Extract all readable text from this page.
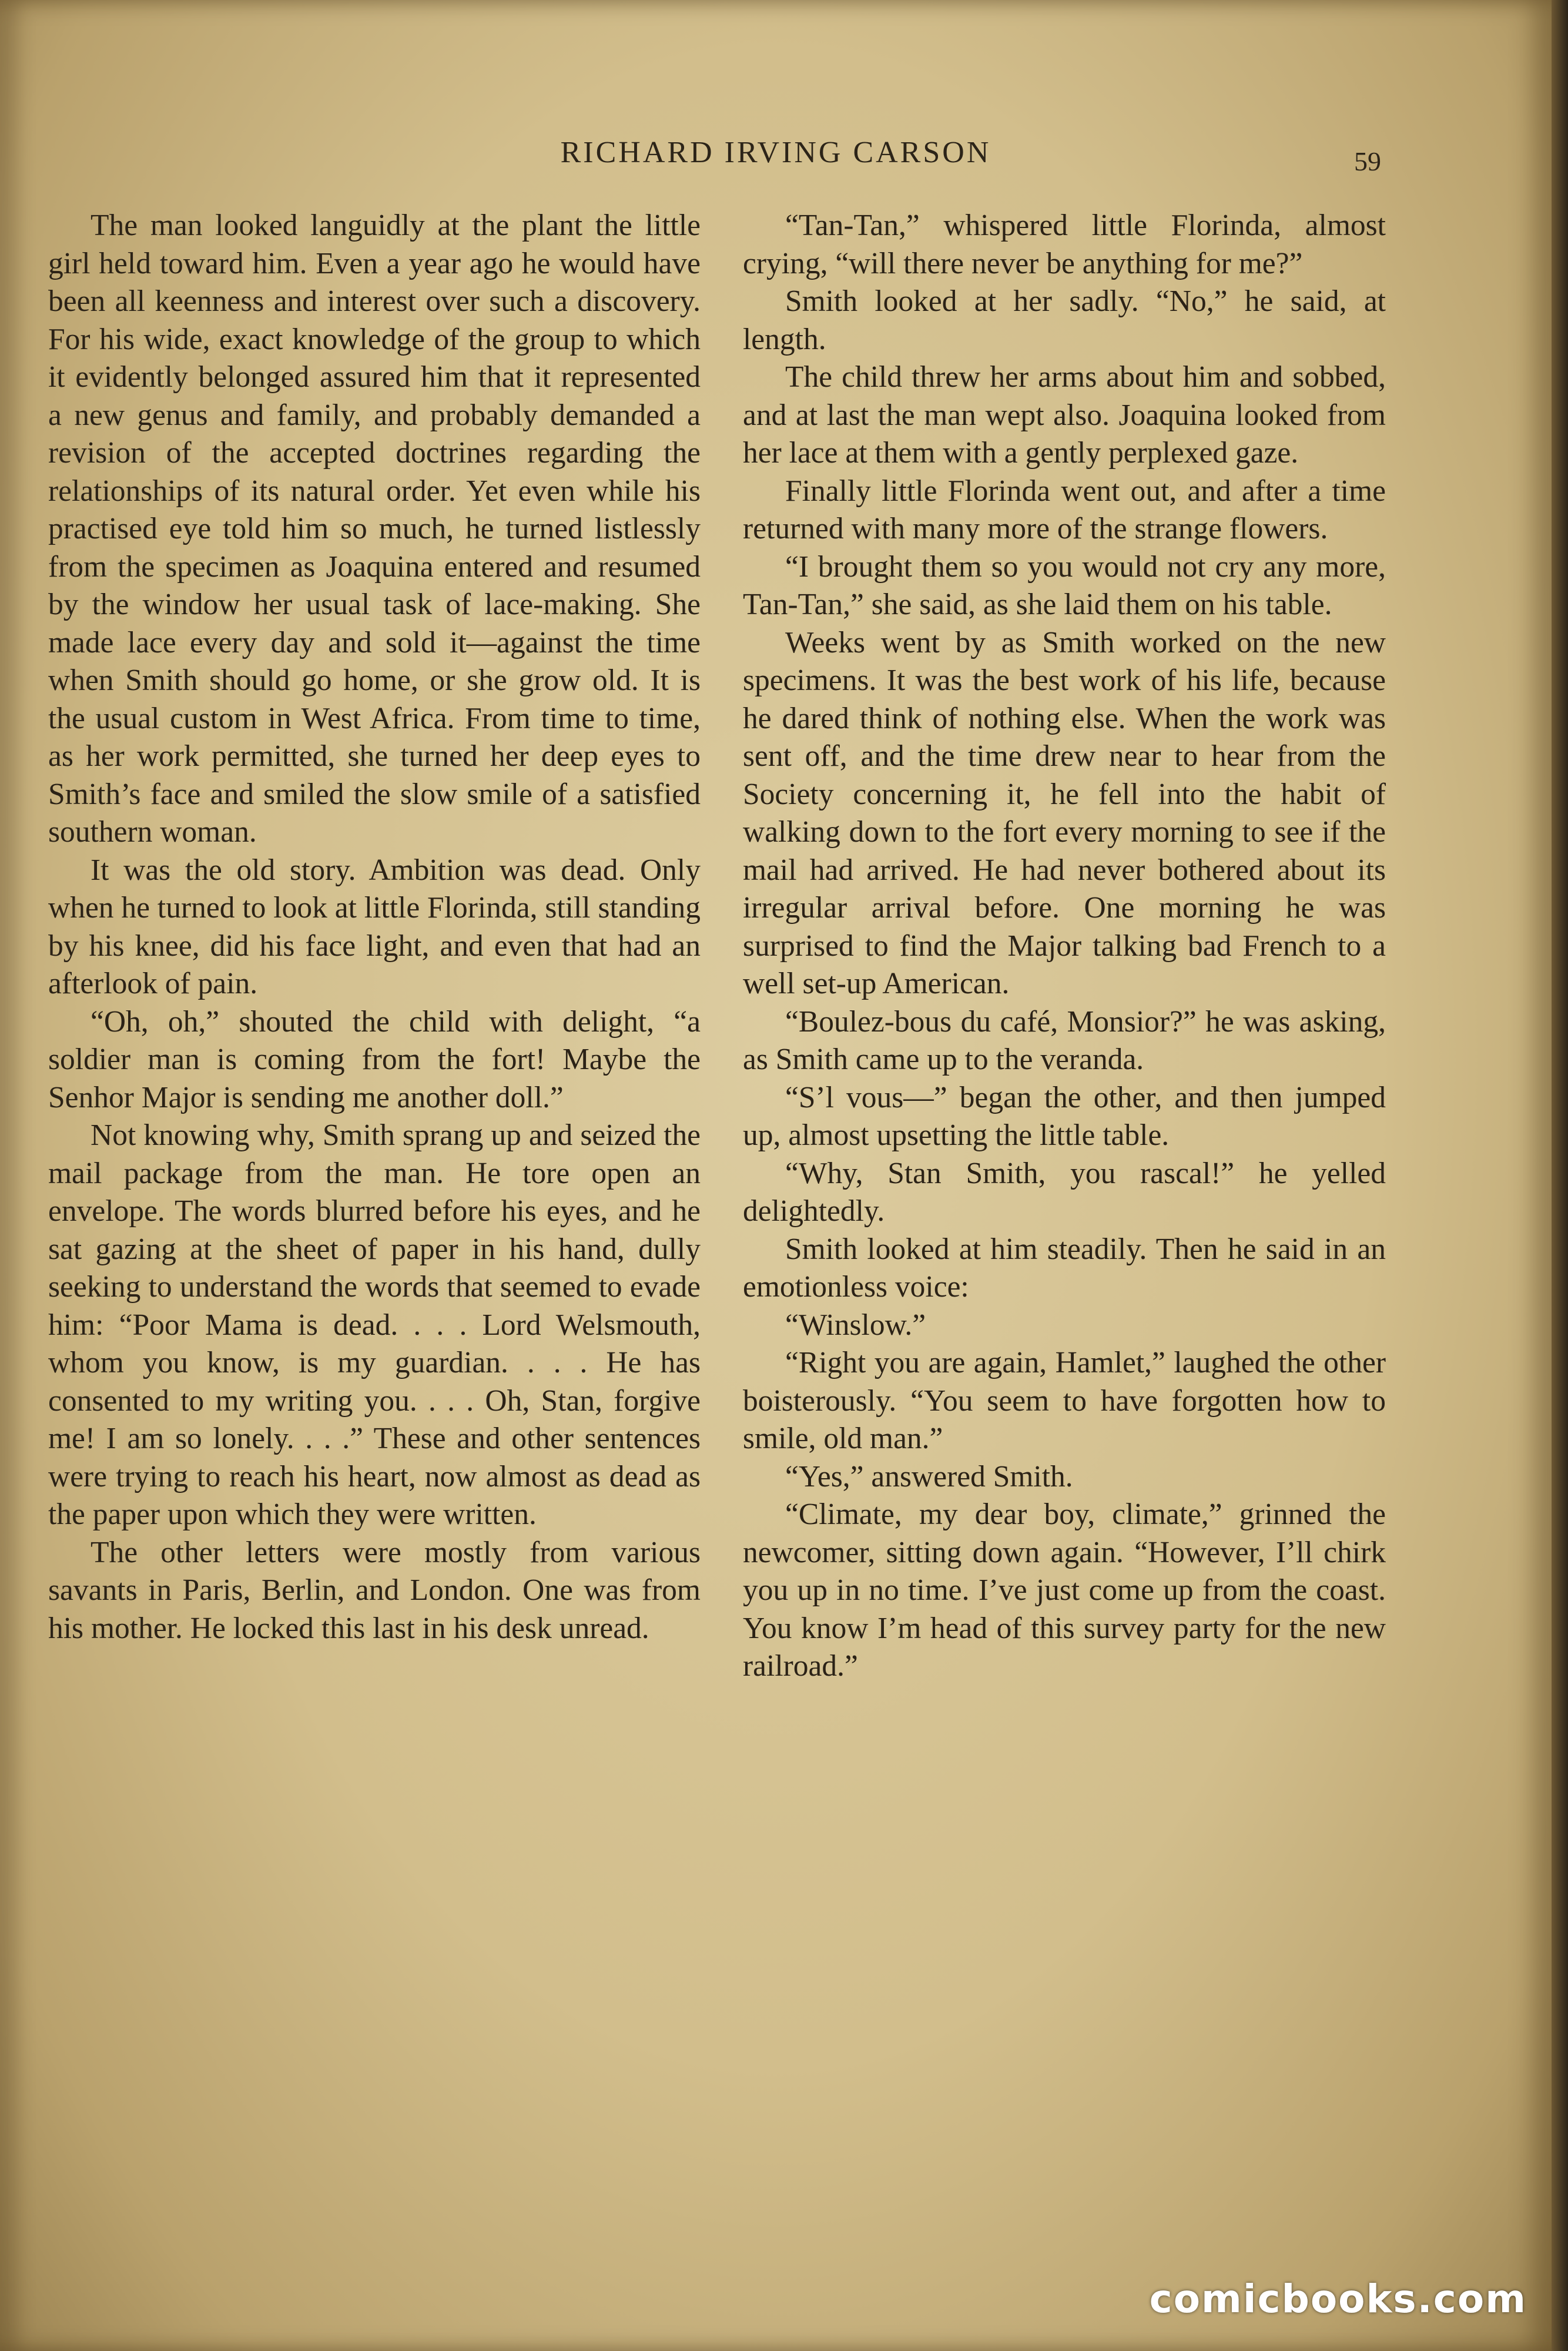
RICHARD IRVING CARSON	59

The man looked languidly at the plant the little girl held toward him. Even a year ago he would have been all keenness and interest over such a discovery. For his wide, exact knowledge of the group to which it evidently belonged assured him that it represented a new genus and family, and probably demanded a revision of the accepted doctrines regarding the relationships of its natural order. Yet even while his practised eye told him so much, he turned listlessly from the specimen as Joaquina entered and resumed by the window her usual task of lace-making. She made lace every day and sold it—against the time when Smith should go home, or she grow old. It is the usual custom in West Africa. From time to time, as her work permitted, she turned her deep eyes to Smith’s face and smiled the slow smile of a satisfied southern woman.

It was the old story. Ambition was dead. Only when he turned to look at little Florinda, still standing by his knee, did his face light, and even that had an afterlook of pain.

“Oh, oh,” shouted the child with delight, “a soldier man is coming from the fort! Maybe the Senhor Major is sending me another doll.”

Not knowing why, Smith sprang up and seized the mail package from the man. He tore open an envelope. The words blurred before his eyes, and he sat gazing at the sheet of paper in his hand, dully seeking to understand the words that seemed to evade him: “Poor Mama is dead. . . . Lord Welsmouth, whom you know, is my guardian. . . . He has consented to my writing you. . . . Oh, Stan, forgive me! I am so lonely. . . .” These and other sentences were trying to reach his heart, now almost as dead as the paper upon which they were written.

The other letters were mostly from various savants in Paris, Berlin, and London. One was from his mother. He locked this last in his desk unread.

“Tan-Tan,” whispered little Florinda, almost crying, “will there never be anything for me?”

Smith looked at her sadly. “No,” he said, at length.

The child threw her arms about him and sobbed, and at last the man wept also. Joaquina looked from her lace at them with a gently perplexed gaze.

Finally little Florinda went out, and after a time returned with many more of the strange flowers.

“I brought them so you would not cry any more, Tan-Tan,” she said, as she laid them on his table.

Weeks went by as Smith worked on the new specimens. It was the best work of his life, because he dared think of nothing else. When the work was sent off, and the time drew near to hear from the Society concerning it, he fell into the habit of walking down to the fort every morning to see if the mail had arrived. He had never bothered about its irregular arrival before. One morning he was surprised to find the Major talking bad French to a well set-up American.

“Boulez-bous du café, Monsior?” he was asking, as Smith came up to the veranda.

“S’l vous—” began the other, and then jumped up, almost upsetting the little table.

“Why, Stan Smith, you rascal!” he yelled delightedly.

Smith looked at him steadily. Then he said in an emotionless voice:

“Winslow.”

“Right you are again, Hamlet,” laughed the other boisterously. “You seem to have forgotten how to smile, old man.”

“Yes,” answered Smith.

“Climate, my dear boy, climate,” grinned the newcomer, sitting down again. “However, I’ll chirk you up in no time. I’ve just come up from the coast. You know I’m head of this survey party for the new railroad.”

comicbooks.com
